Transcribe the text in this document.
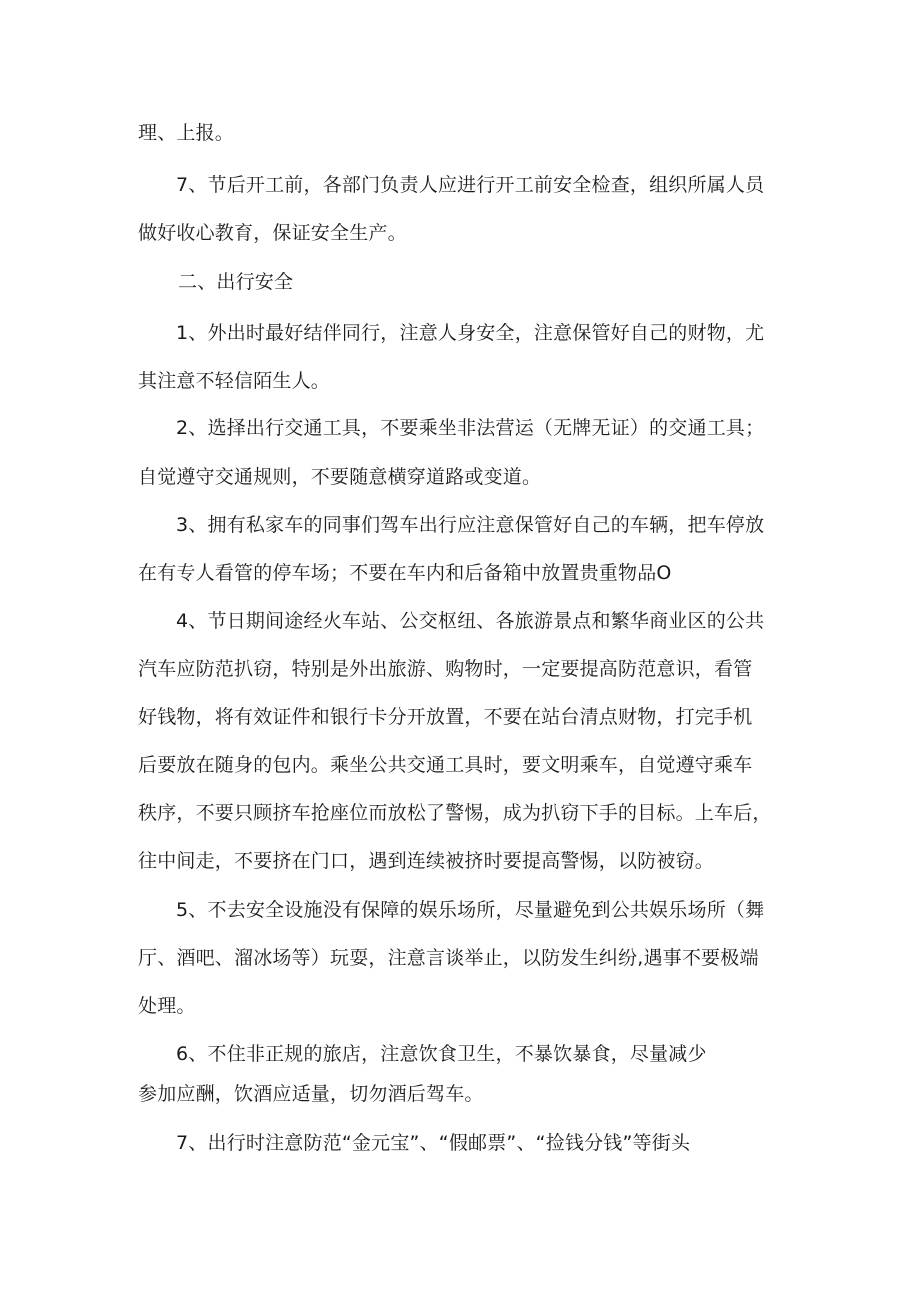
理、上报。
7、节后开工前，各部门负责人应进行开工前安全检查，组织所属人员
做好收心教育，保证安全生产。
二、出行安全
1、外出时最好结伴同行，注意人身安全，注意保管好自己的财物，尤
其注意不轻信陌生人。
2、选择出行交通工具，不要乘坐非法营运（无牌无证）的交通工具；
自觉遵守交通规则，不要随意横穿道路或变道。
3、拥有私家车的同事们驾车出行应注意保管好自己的车辆，把车停放
在有专人看管的停车场；不要在车内和后备箱中放置贵重物品O
4、节日期间途经火车站、公交枢纽、各旅游景点和繁华商业区的公共
汽车应防范扒窃，特别是外出旅游、购物时，一定要提高防范意识，看管
好钱物，将有效证件和银行卡分开放置，不要在站台清点财物，打完手机
后要放在随身的包内。乘坐公共交通工具时，要文明乘车，自觉遵守乘车
秩序，不要只顾挤车抢座位而放松了警惕，成为扒窃下手的目标。上车后，
往中间走，不要挤在门口，遇到连续被挤时要提高警惕，以防被窃。
5、不去安全设施没有保障的娱乐场所，尽量避免到公共娱乐场所（舞
厅、酒吧、溜冰场等）玩耍，注意言谈举止，以防发生纠纷,遇事不要极端
处理。
6、不住非正规的旅店，注意饮食卫生，不暴饮暴食，尽量减少
参加应酬，饮酒应适量，切勿酒后驾车。
7、出行时注意防范“金元宝”、“假邮票”、“捡钱分钱”等街头
